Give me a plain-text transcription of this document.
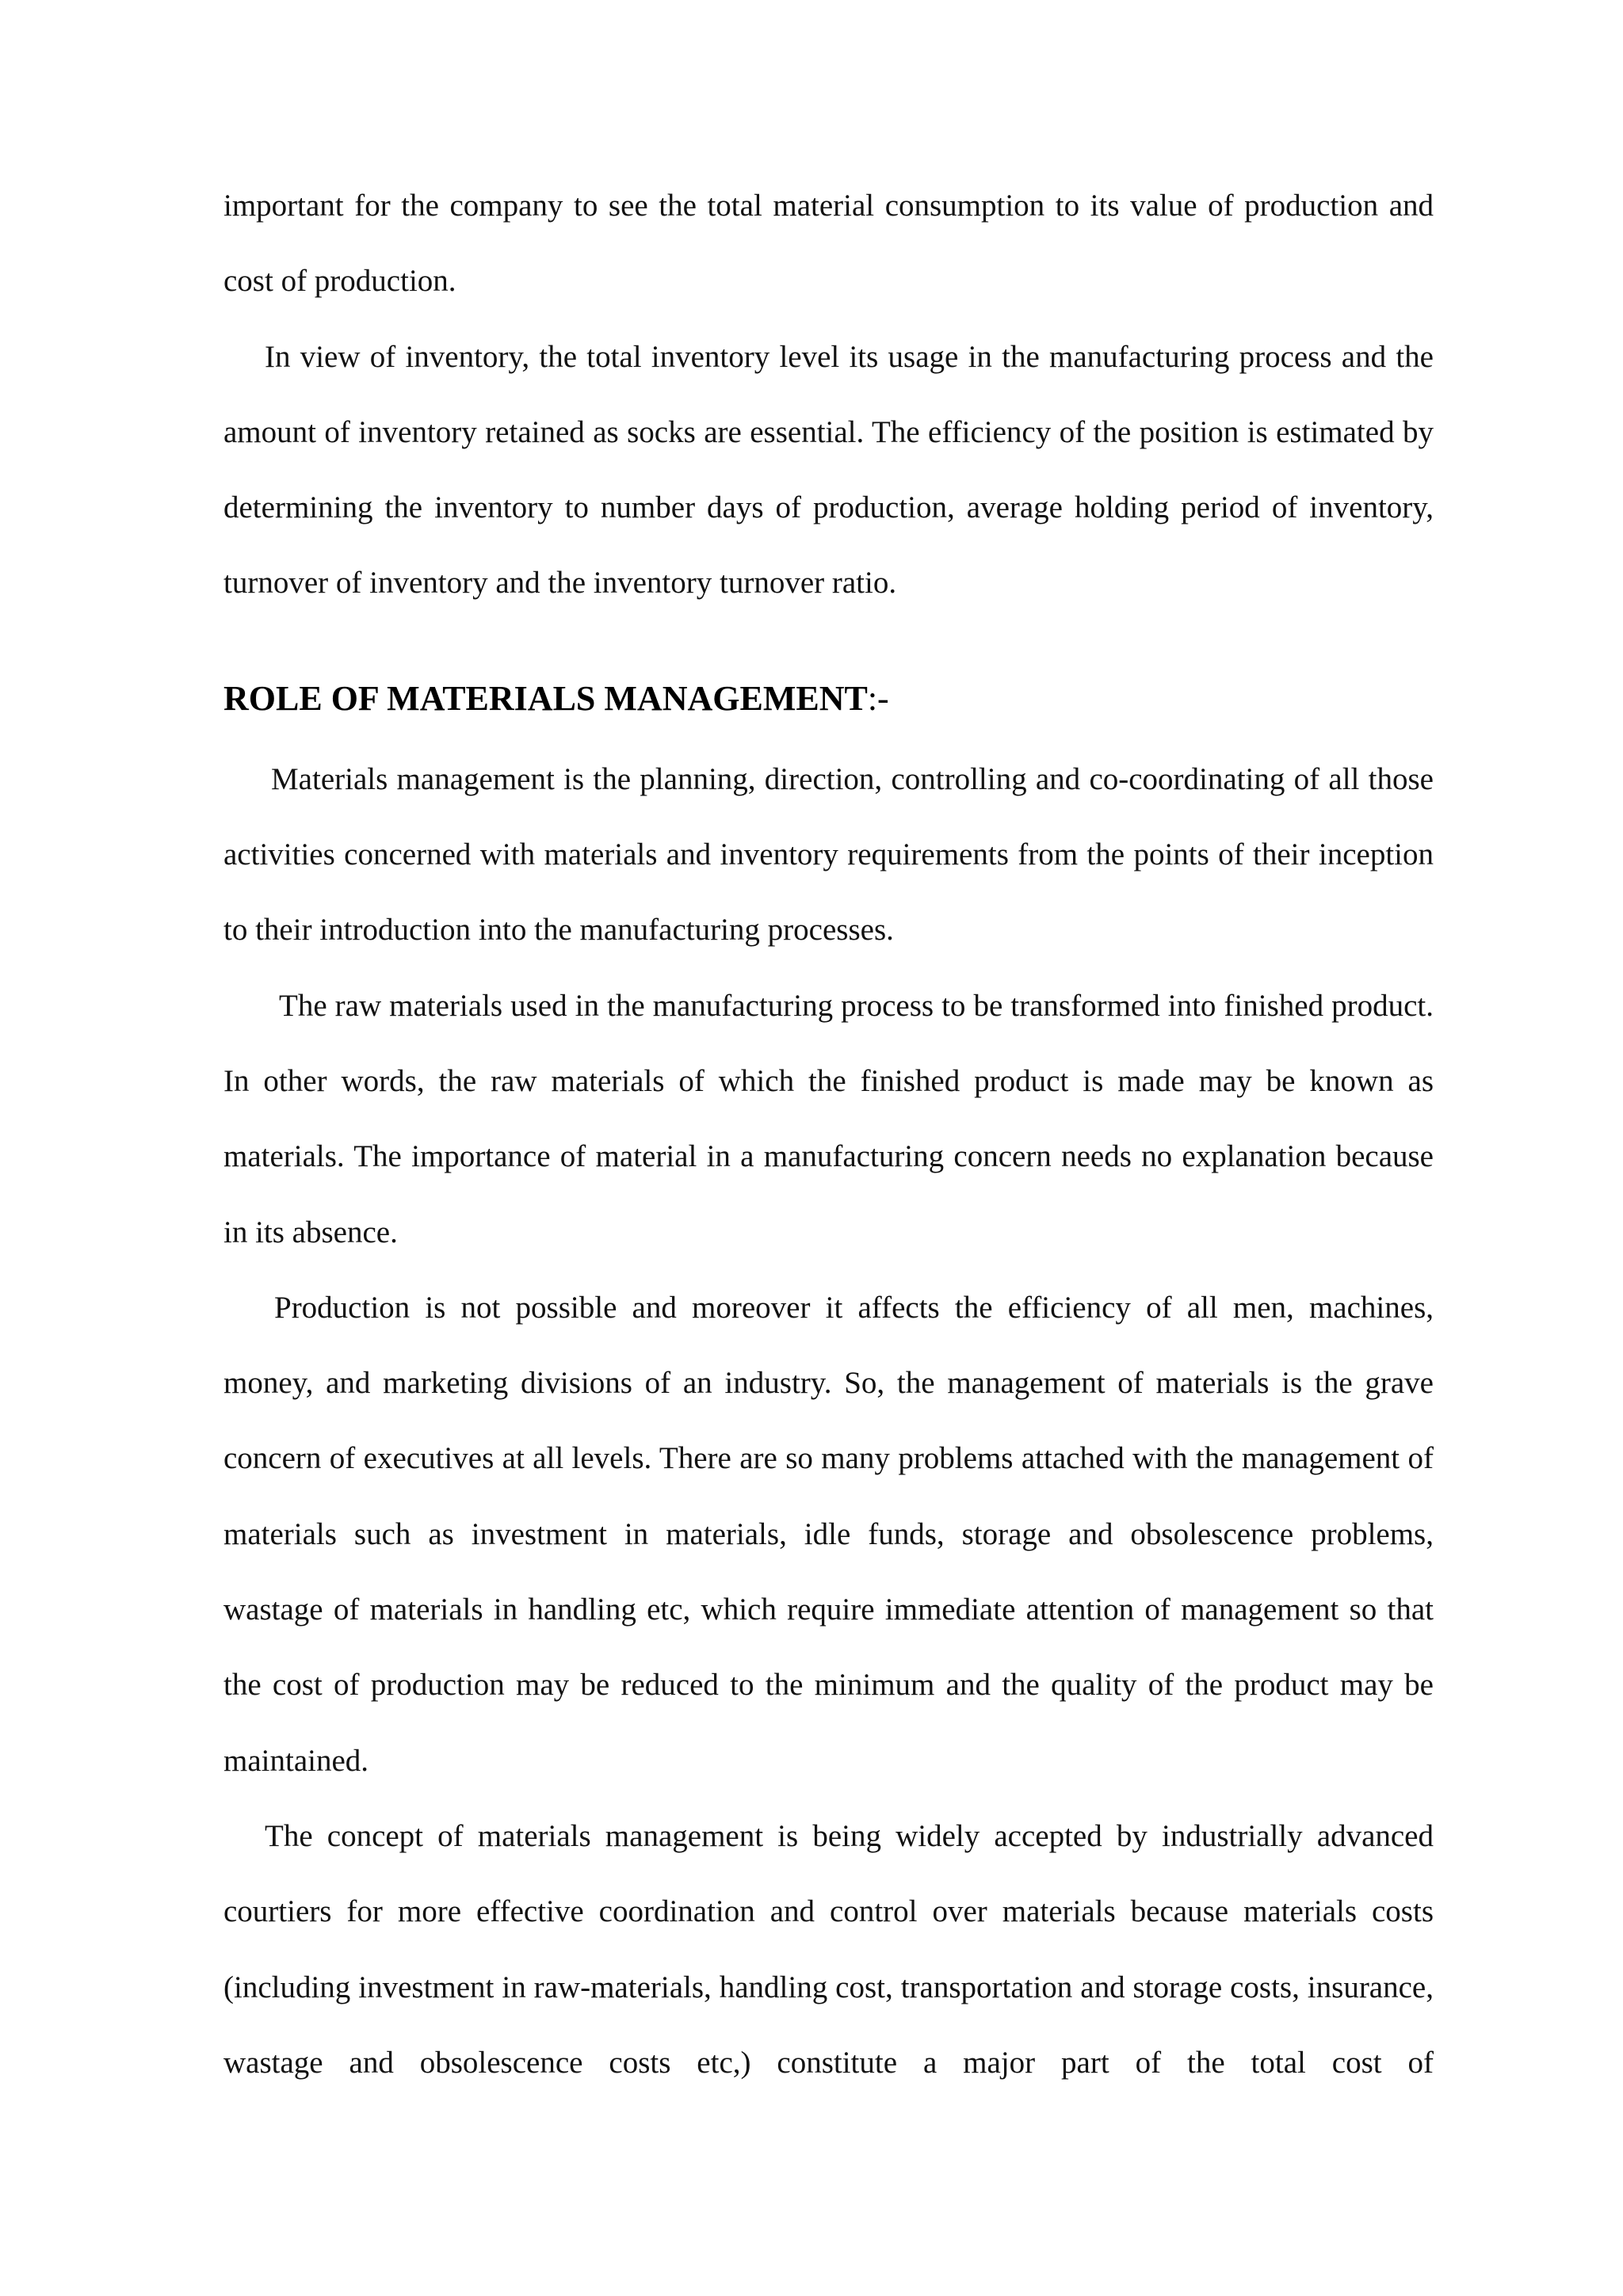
important for the company to see the total material consumption to its value of production and cost of production.

In view of inventory, the total inventory level its usage in the manufacturing process and the amount of inventory retained as socks are essential. The efficiency of the position is estimated by determining the inventory to number days of production, average holding period of inventory, turnover of inventory and the inventory turnover ratio.

ROLE OF MATERIALS MANAGEMENT:-

Materials management is the planning, direction, controlling and co-coordinating of all those activities concerned with materials and inventory requirements from the points of their inception to their introduction into the manufacturing processes.

The raw materials used in the manufacturing process to be transformed into finished product. In other words, the raw materials of which the finished product is made may be known as materials. The importance of material in a manufacturing concern needs no explanation because in its absence.

Production is not possible and moreover it affects the efficiency of all men, machines, money, and marketing divisions of an industry. So, the management of materials is the grave concern of executives at all levels. There are so many problems attached with the management of materials such as investment in materials, idle funds, storage and obsolescence problems, wastage of materials in handling etc, which require immediate attention of management so that the cost of production may be reduced to the minimum and the quality of the product may be maintained.

The concept of materials management is being widely accepted by industrially advanced courtiers for more effective coordination and control over materials because materials costs (including investment in raw-materials, handling cost, transportation and storage costs, insurance, wastage and obsolescence costs etc,) constitute a major part of the total cost of
